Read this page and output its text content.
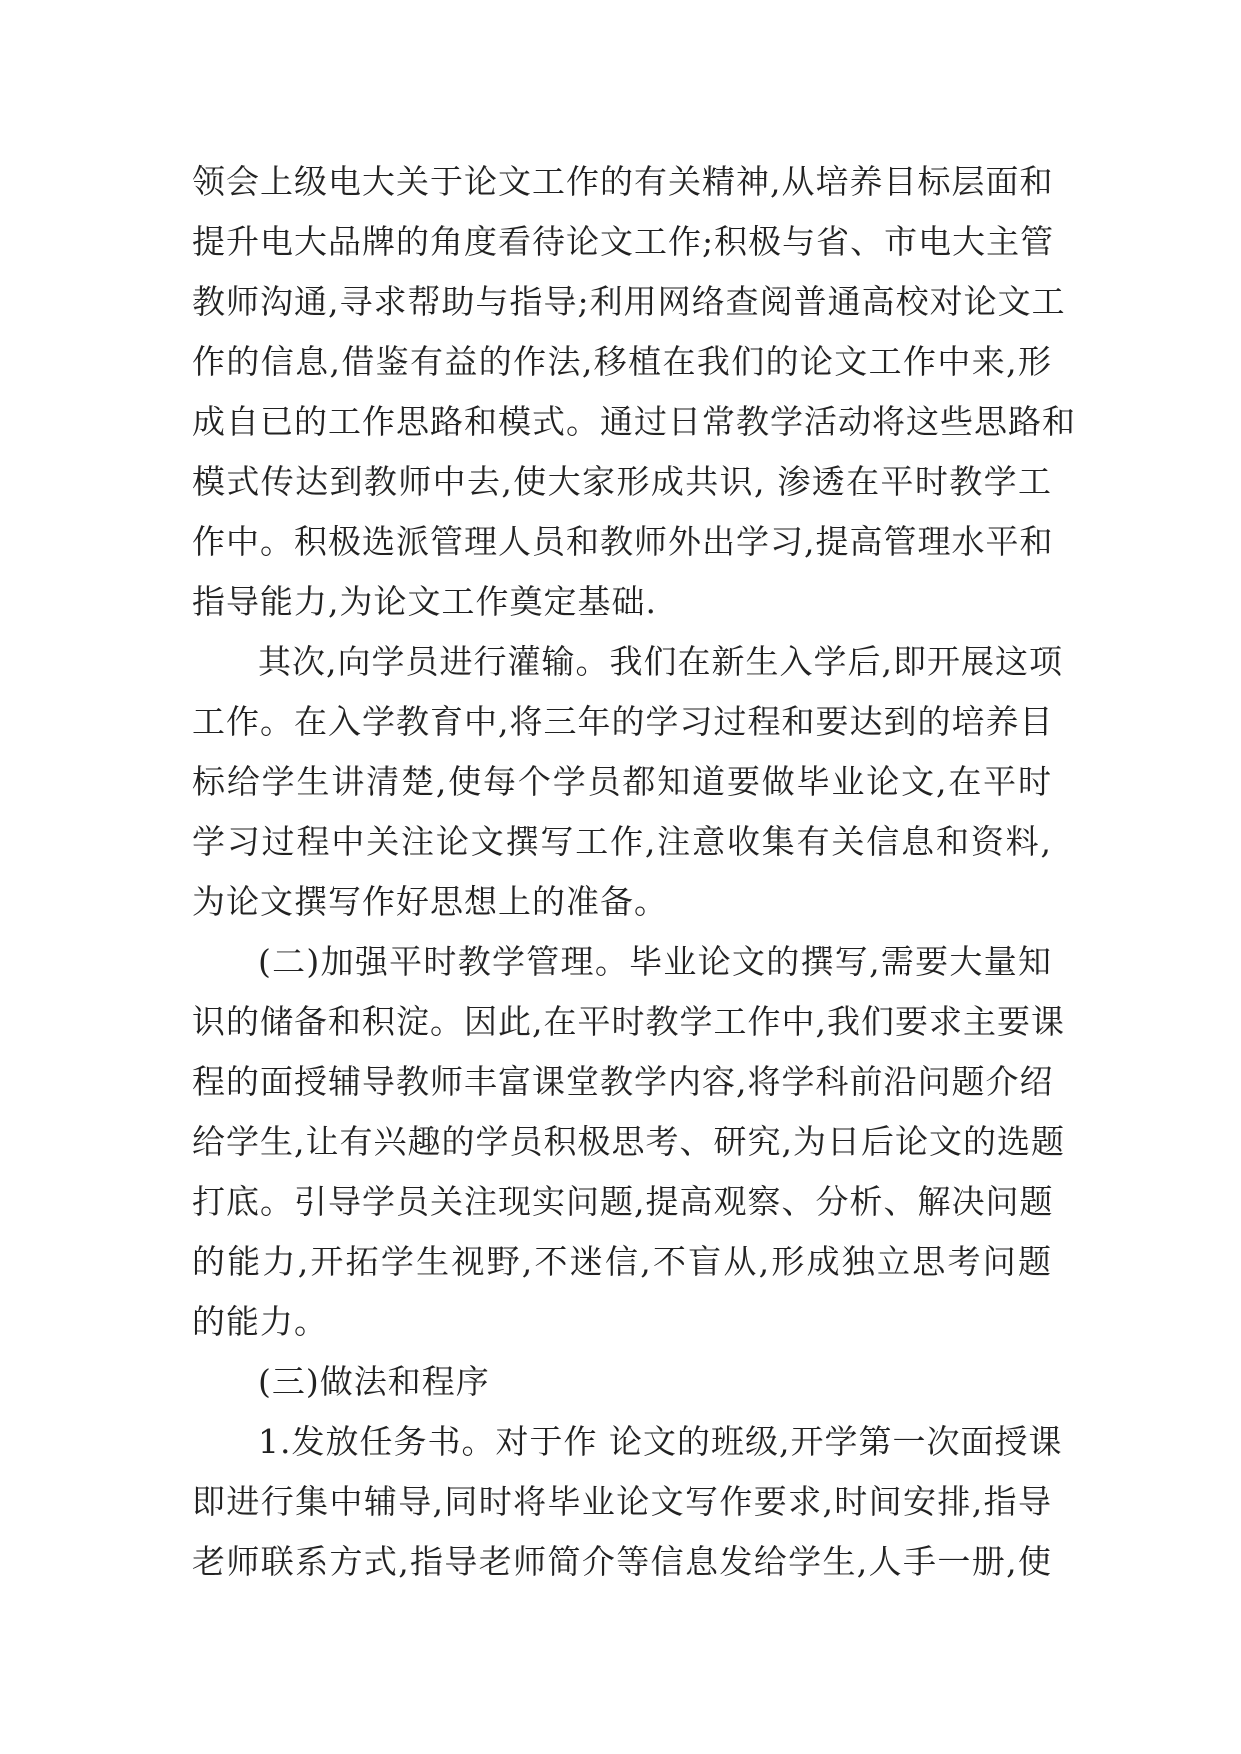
领会上级电大关于论文工作的有关精神,从培养目标层面和
提升电大品牌的角度看待论文工作;积极与省、市电大主管
教师沟通,寻求帮助与指导;利用网络查阅普通高校对论文工
作的信息,借鉴有益的作法,移植在我们的论文工作中来,形
成自已的工作思路和模式。通过日常教学活动将这些思路和
模式传达到教师中去,使大家形成共识, 渗透在平时教学工
作中。积极选派管理人员和教师外出学习,提高管理水平和
指导能力,为论文工作奠定基础.
其次,向学员进行灌输。我们在新生入学后,即开展这项
工作。在入学教育中,将三年的学习过程和要达到的培养目
标给学生讲清楚,使每个学员都知道要做毕业论文,在平时
学习过程中关注论文撰写工作,注意收集有关信息和资料,
为论文撰写作好思想上的准备。
(二)加强平时教学管理。毕业论文的撰写,需要大量知
识的储备和积淀。因此,在平时教学工作中,我们要求主要课
程的面授辅导教师丰富课堂教学内容,将学科前沿问题介绍
给学生,让有兴趣的学员积极思考、研究,为日后论文的选题
打底。引导学员关注现实问题,提高观察、分析、解决问题
的能力,开拓学生视野,不迷信,不盲从,形成独立思考问题
的能力。
(三)做法和程序
1.发放任务书。对于作 论文的班级,开学第一次面授课
即进行集中辅导,同时将毕业论文写作要求,时间安排,指导
老师联系方式,指导老师简介等信息发给学生,人手一册,使
